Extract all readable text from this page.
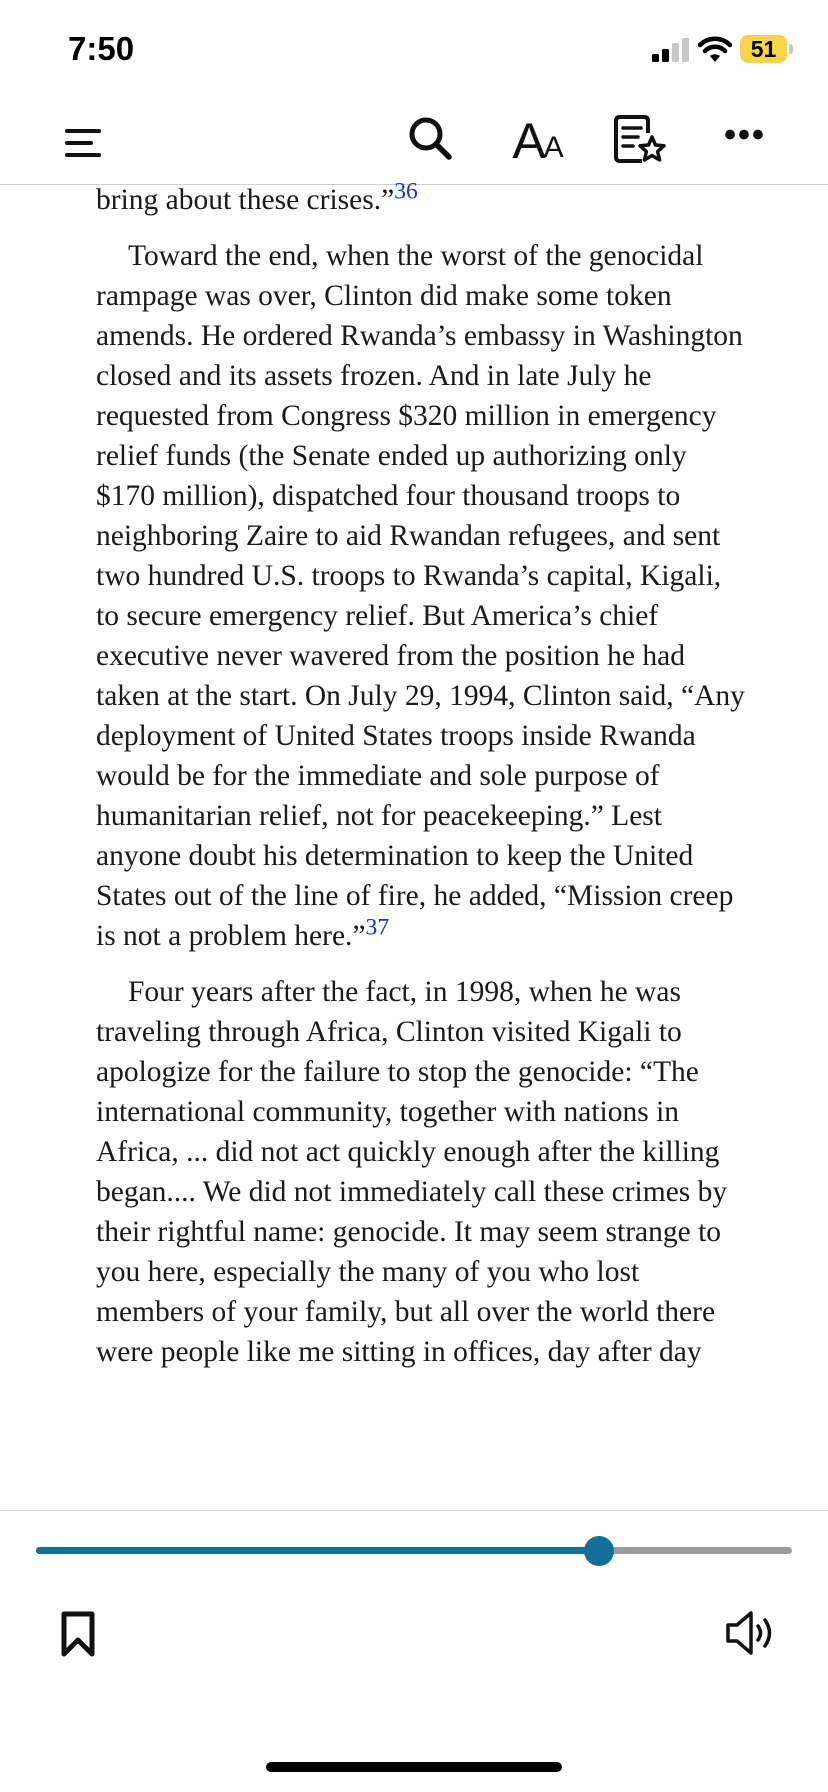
7:50	51
A
A	•••

bring about these crises.”$^{36}$

Toward the end, when the worst of the genocidal rampage was over, Clinton did make some token amends. He ordered Rwanda’s embassy in Washington closed and its assets frozen. And in late July he requested from Congress $320 million in emergency relief funds (the Senate ended up authorizing only $170 million), dispatched four thousand troops to neighboring Zaire to aid Rwandan refugees, and sent two hundred U.S. troops to Rwanda’s capital, Kigali, to secure emergency relief. But America’s chief executive never wavered from the position he had taken at the start. On July 29, 1994, Clinton said, “Any deployment of United States troops inside Rwanda would be for the immediate and sole purpose of humanitarian relief, not for peacekeeping.” Lest anyone doubt his determination to keep the United States out of the line of fire, he added, “Mission creep is not a problem here.”$^{37}$

Four years after the fact, in 1998, when he was traveling through Africa, Clinton visited Kigali to apologize for the failure to stop the genocide: “The international community, together with nations in Africa, ... did not act quickly enough after the killing began.... We did not immediately call these crimes by their rightful name: genocide. It may seem strange to you here, especially the many of you who lost members of your family, but all over the world there were people like me sitting in offices, day after day
